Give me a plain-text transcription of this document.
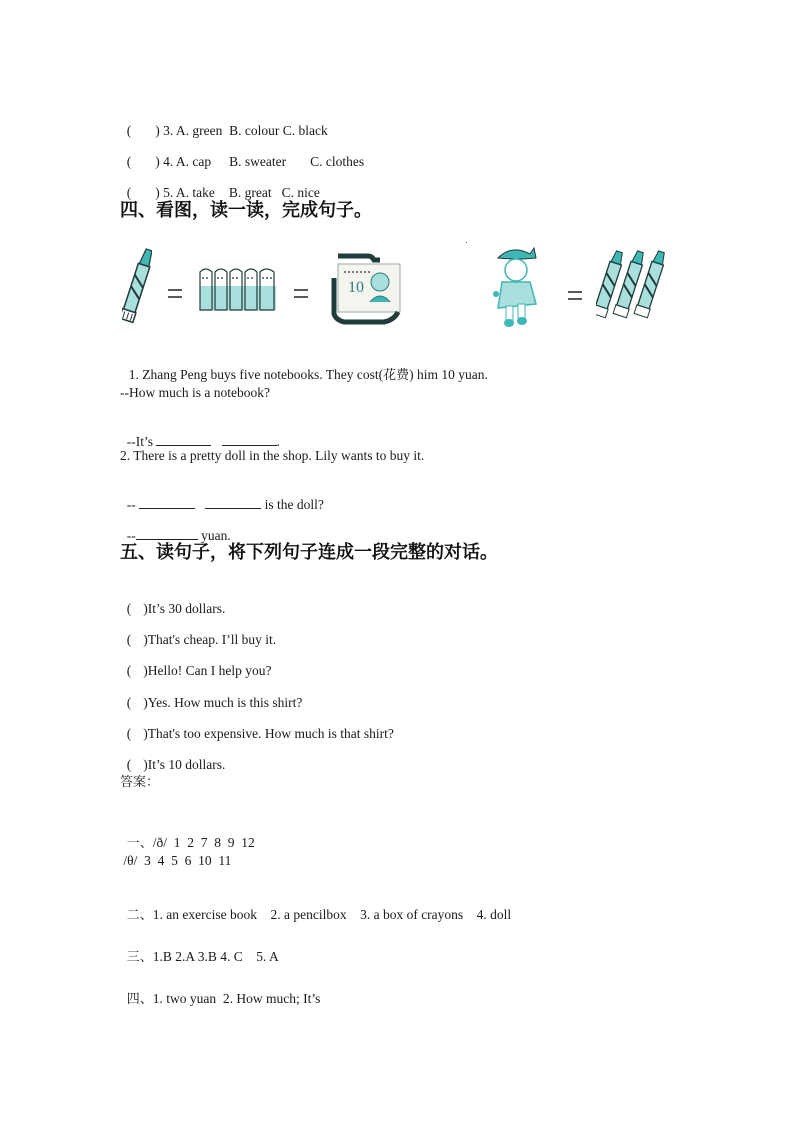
( ) 3. A. green B. colour C. black

( ) 4. A. cap B. sweater C. clothes

( ) 5. A. take B. great C. nice

四、看图，读一读，完成句子。
10

1. Zhang Peng buys five notebooks. They cost(花费) him 10 yuan.

--How much is a notebook?

--It’s	.

2. There is a pretty doll in the shop. Lily wants to buy it.

--	is the doll?

--	yuan.

五、读句子，将下列句子连成一段完整的对话。

( )It’s 30 dollars.

( )That's cheap. I’ll buy it.

( )Hello! Can I help you?

( )Yes. How much is this shirt?

( )That's too expensive. How much is that shirt?

( )It’s 10 dollars.

答案：

一、/ð/  1  2  7  8  9  12

/θ/  3  4  5  6  10  11

二、1. an exercise book    2. a pencilbox    3. a box of crayons    4. doll

三、1.B 2.A 3.B 4. C    5. A

四、1. two yuan  2. How much; It’s
